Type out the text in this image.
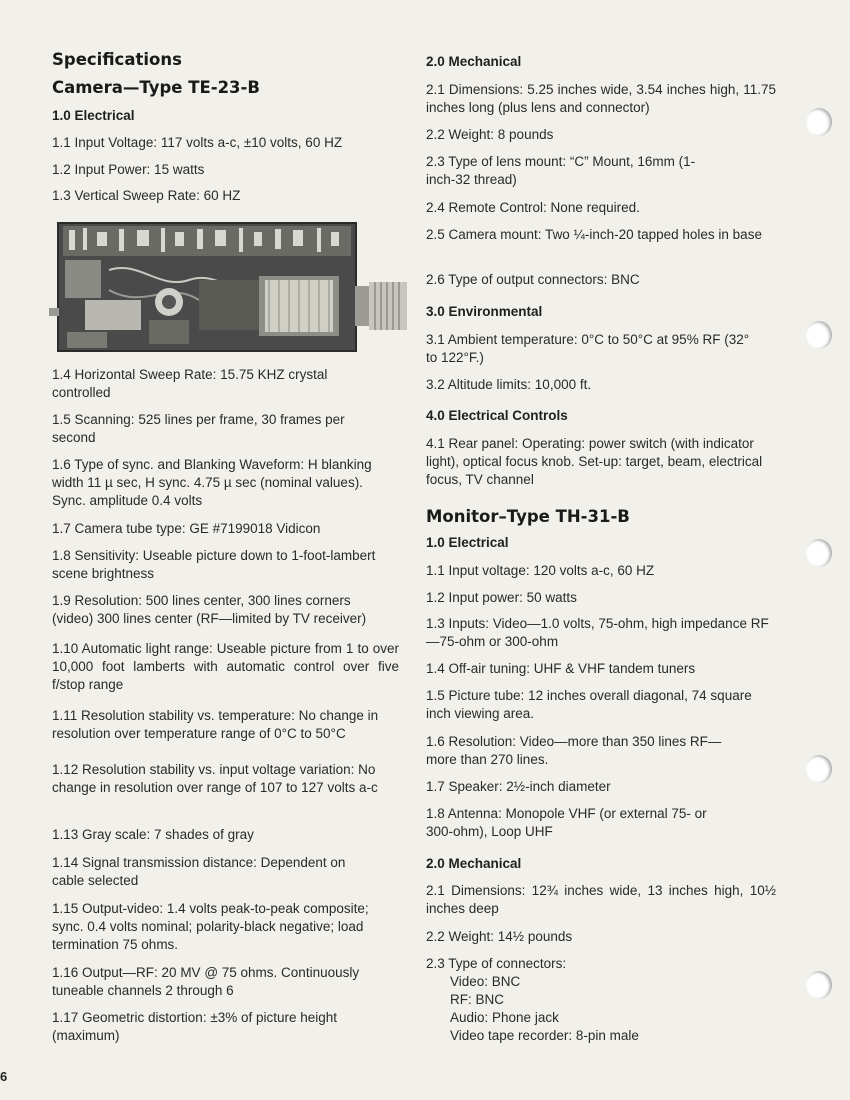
Specifications
Camera—Type TE-23-B
1.0 Electrical

1.1 Input Voltage: 117 volts a-c, ±10 volts, 60 HZ

1.2 Input Power: 15 watts

1.3 Vertical Sweep Rate: 60 HZ

1.4 Horizontal Sweep Rate: 15.75 KHZ crystal controlled

1.5 Scanning: 525 lines per frame, 30 frames per second

1.6 Type of sync. and Blanking Waveform: H blanking width 11 µ sec, H sync. 4.75 µ sec (nominal values). Sync. amplitude 0.4 volts

1.7 Camera tube type: GE #7199018 Vidicon

1.8 Sensitivity: Useable picture down to 1-foot-lambert scene brightness

1.9 Resolution: 500 lines center, 300 lines corners (video) 300 lines center (RF—limited by TV receiver)

1.10 Automatic light range: Useable picture from 1 to over 10,000 foot lamberts with automatic control over five f/stop range

1.11 Resolution stability vs. temperature: No change in resolution over temperature range of 0°C to 50°C

1.12 Resolution stability vs. input voltage variation: No change in resolution over range of 107 to 127 volts a-c

1.13 Gray scale: 7 shades of gray

1.14 Signal transmission distance: Dependent on cable selected

1.15 Output-video: 1.4 volts peak-to-peak composite; sync. 0.4 volts nominal; polarity-black negative; load termination 75 ohms.

1.16 Output—RF: 20 MV @ 75 ohms. Continuously tuneable channels 2 through 6

1.17 Geometric distortion: ±3% of picture height (maximum)

2.0 Mechanical

2.1 Dimensions: 5.25 inches wide, 3.54 inches high, 11.75 inches long (plus lens and connector)

2.2 Weight: 8 pounds

2.3 Type of lens mount: “C” Mount, 16mm (1-inch-32 thread)

2.4 Remote Control: None required.

2.5 Camera mount: Two ¼-inch-20 tapped holes in base

2.6 Type of output connectors: BNC

3.0 Environmental

3.1 Ambient temperature: 0°C to 50°C at 95% RF (32° to 122°F.)

3.2 Altitude limits: 10,000 ft.

4.0 Electrical Controls

4.1 Rear panel: Operating: power switch (with indicator light), optical focus knob. Set-up: target, beam, electrical focus, TV channel

Monitor–Type TH-31-B
1.0 Electrical

1.1 Input voltage: 120 volts a-c, 60 HZ

1.2 Input power: 50 watts

1.3 Inputs: Video—1.0 volts, 75-ohm, high impedance RF—75-ohm or 300-ohm

1.4 Off-air tuning: UHF & VHF tandem tuners

1.5 Picture tube: 12 inches overall diagonal, 74 square inch viewing area.

1.6 Resolution: Video—more than 350 lines RF—more than 270 lines.

1.7 Speaker: 2½-inch diameter

1.8 Antenna: Monopole VHF (or external 75- or 300-ohm), Loop UHF

2.0 Mechanical

2.1 Dimensions: 12¾ inches wide, 13 inches high, 10½ inches deep

2.2 Weight: 14½ pounds

2.3 Type of connectors:

Video: BNC

RF: BNC

Audio: Phone jack

Video tape recorder: 8-pin male

6
